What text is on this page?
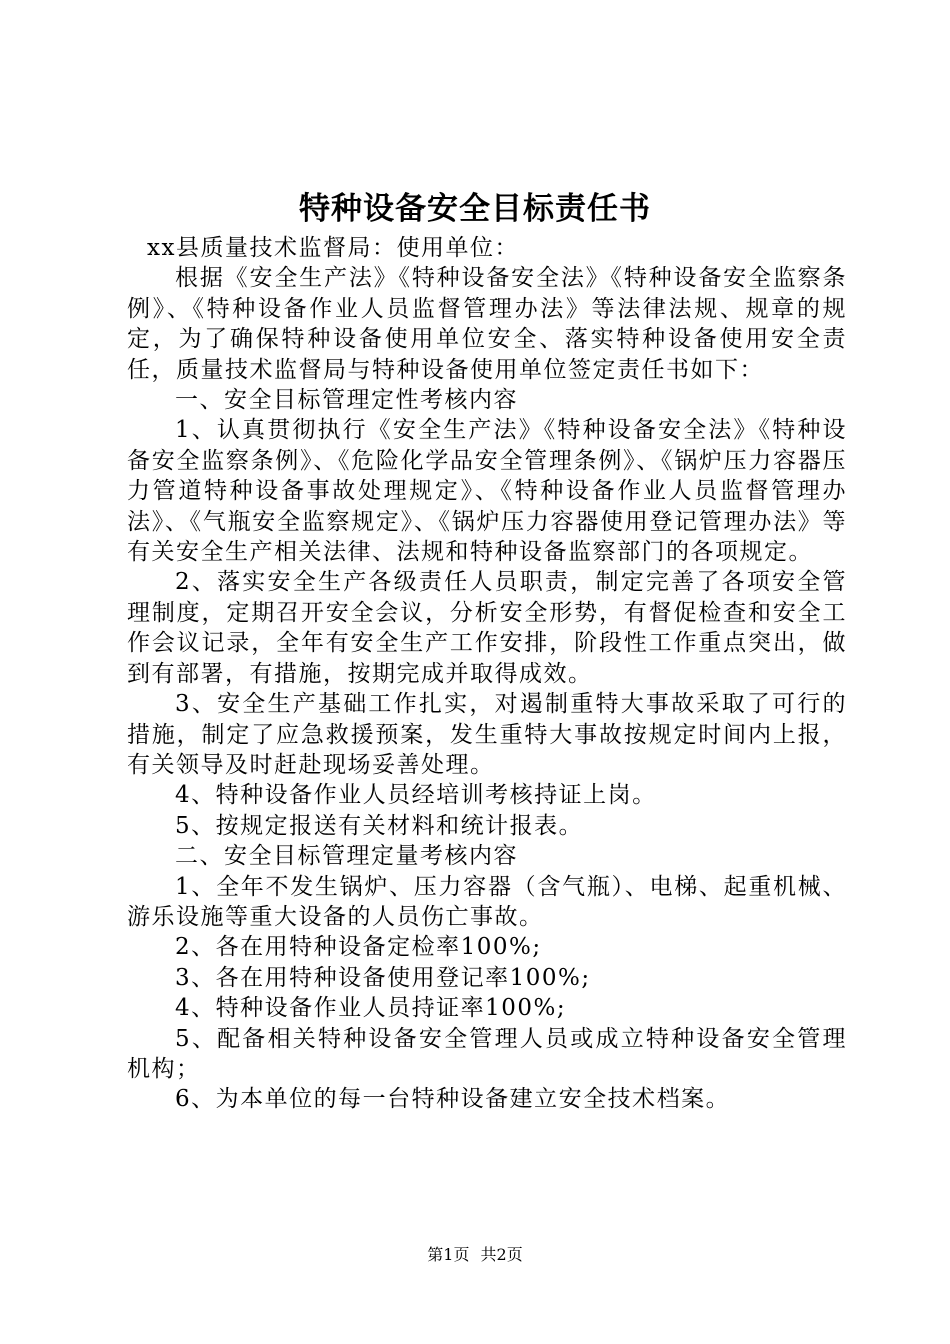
特种设备安全目标责任书

xx县质量技术监督局：使用单位：

根据《安全生产法》《特种设备安全法》《特种设备安全监察条例》、《特种设备作业人员监督管理办法》等法律法规、规章的规定，为了确保特种设备使用单位安全、落实特种设备使用安全责任，质量技术监督局与特种设备使用单位签定责任书如下：

一、安全目标管理定性考核内容

1、认真贯彻执行《安全生产法》《特种设备安全法》《特种设备安全监察条例》、《危险化学品安全管理条例》、《锅炉压力容器压力管道特种设备事故处理规定》、《特种设备作业人员监督管理办法》、《气瓶安全监察规定》、《锅炉压力容器使用登记管理办法》等有关安全生产相关法律、法规和特种设备监察部门的各项规定。

2、落实安全生产各级责任人员职责，制定完善了各项安全管理制度，定期召开安全会议，分析安全形势，有督促检查和安全工作会议记录，全年有安全生产工作安排，阶段性工作重点突出，做到有部署，有措施，按期完成并取得成效。

3、安全生产基础工作扎实，对遏制重特大事故采取了可行的措施，制定了应急救援预案，发生重特大事故按规定时间内上报，有关领导及时赶赴现场妥善处理。

4、特种设备作业人员经培训考核持证上岗。

5、按规定报送有关材料和统计报表。

二、安全目标管理定量考核内容

1、全年不发生锅炉、压力容器（含气瓶）、电梯、起重机械、游乐设施等重大设备的人员伤亡事故。

2、各在用特种设备定检率100%;

3、各在用特种设备使用登记率100%;

4、特种设备作业人员持证率100%;

5、配备相关特种设备安全管理人员或成立特种设备安全管理机构；

6、为本单位的每一台特种设备建立安全技术档案。

第1页 共2页
